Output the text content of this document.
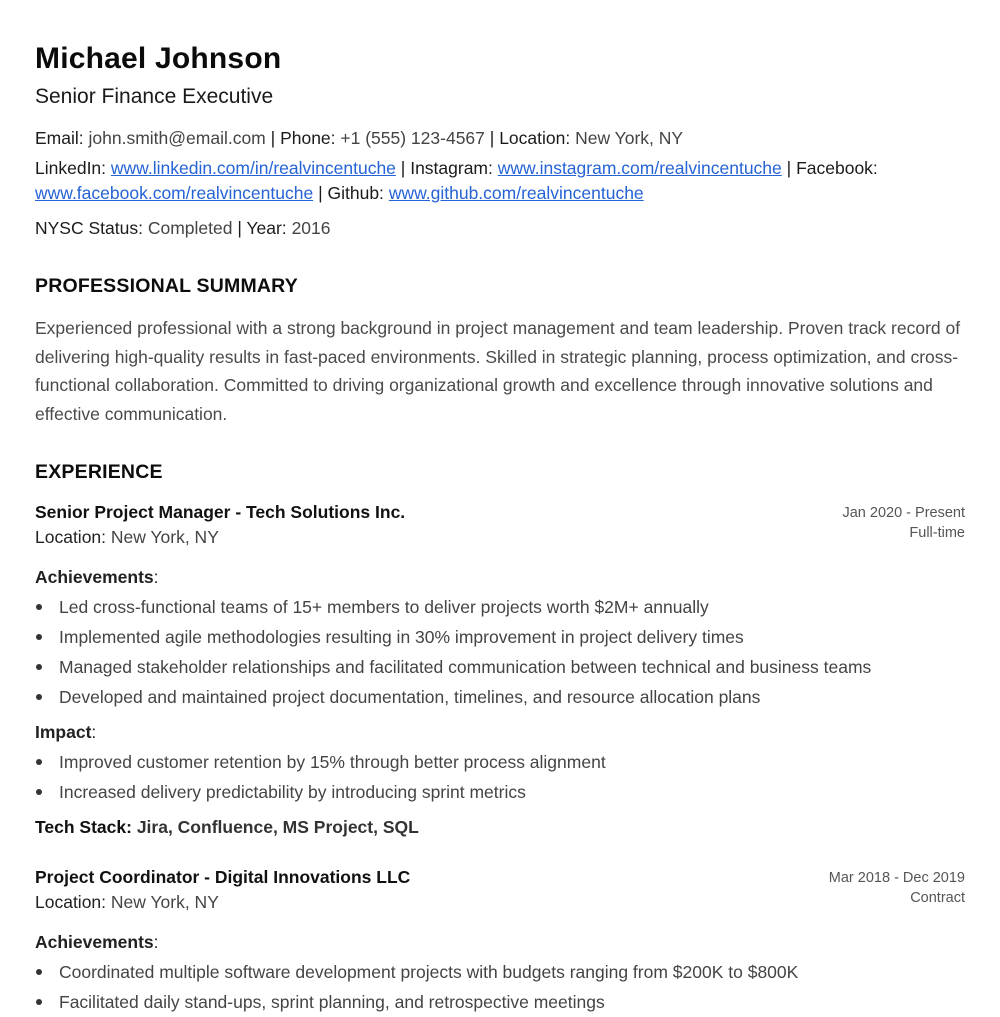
Michael Johnson
Senior Finance Executive
Email: john.smith@email.com | Phone: +1 (555) 123-4567 | Location: New York, NY
LinkedIn: www.linkedin.com/in/realvincentuche | Instagram: www.instagram.com/realvincentuche | Facebook: www.facebook.com/realvincentuche | Github: www.github.com/realvincentuche
NYSC Status: Completed | Year: 2016
PROFESSIONAL SUMMARY
Experienced professional with a strong background in project management and team leadership. Proven track record of delivering high-quality results in fast-paced environments. Skilled in strategic planning, process optimization, and cross-functional collaboration. Committed to driving organizational growth and excellence through innovative solutions and effective communication.
EXPERIENCE
Senior Project Manager - Tech Solutions Inc.	Jan 2020 - Present
Location: New York, NY	Full-time
Achievements:
Led cross-functional teams of 15+ members to deliver projects worth $2M+ annually
Implemented agile methodologies resulting in 30% improvement in project delivery times
Managed stakeholder relationships and facilitated communication between technical and business teams
Developed and maintained project documentation, timelines, and resource allocation plans
Impact:
Improved customer retention by 15% through better process alignment
Increased delivery predictability by introducing sprint metrics
Tech Stack: Jira, Confluence, MS Project, SQL
Project Coordinator - Digital Innovations LLC	Mar 2018 - Dec 2019
Location: New York, NY	Contract
Achievements:
Coordinated multiple software development projects with budgets ranging from $200K to $800K
Facilitated daily stand-ups, sprint planning, and retrospective meetings
